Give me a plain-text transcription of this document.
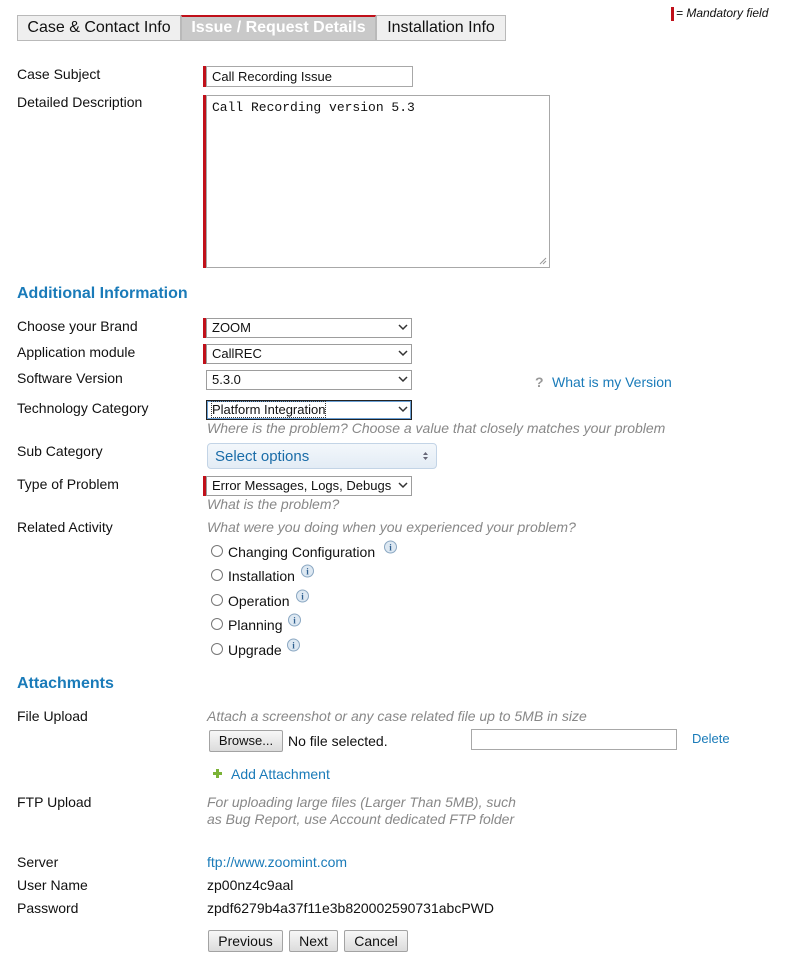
= Mandatory field
Case & Contact Info	Issue / Request Details	Installation Info
Case Subject	Call Recording Issue
Detailed Description	Call Recording version 5.3
Additional Information
Choose your Brand	ZOOM
Application module	CallREC
Software Version	5.3.0	? What is my Version
Technology Category	Platform Integration
Where is the problem? Choose a value that closely matches your problem
Sub Category	Select options
Type of Problem	Error Messages, Logs, Debugs
What is the problem?
Related Activity	What were you doing when you experienced your problem?
Changing Configuration i
Installation i
Operation i
Planning i
Upgrade i
Attachments
File Upload	Attach a screenshot or any case related file up to 5MB in size
Browse...	No file selected.	Delete
Add Attachment
FTP Upload	For uploading large files (Larger Than 5MB), such
as Bug Report, use Account dedicated FTP folder
Server	ftp://www.zoomint.com
User Name	zp00nz4c9aal
Password	zpdf6279b4a37f11e3b820002590731abcPWD
Previous	Next	Cancel
